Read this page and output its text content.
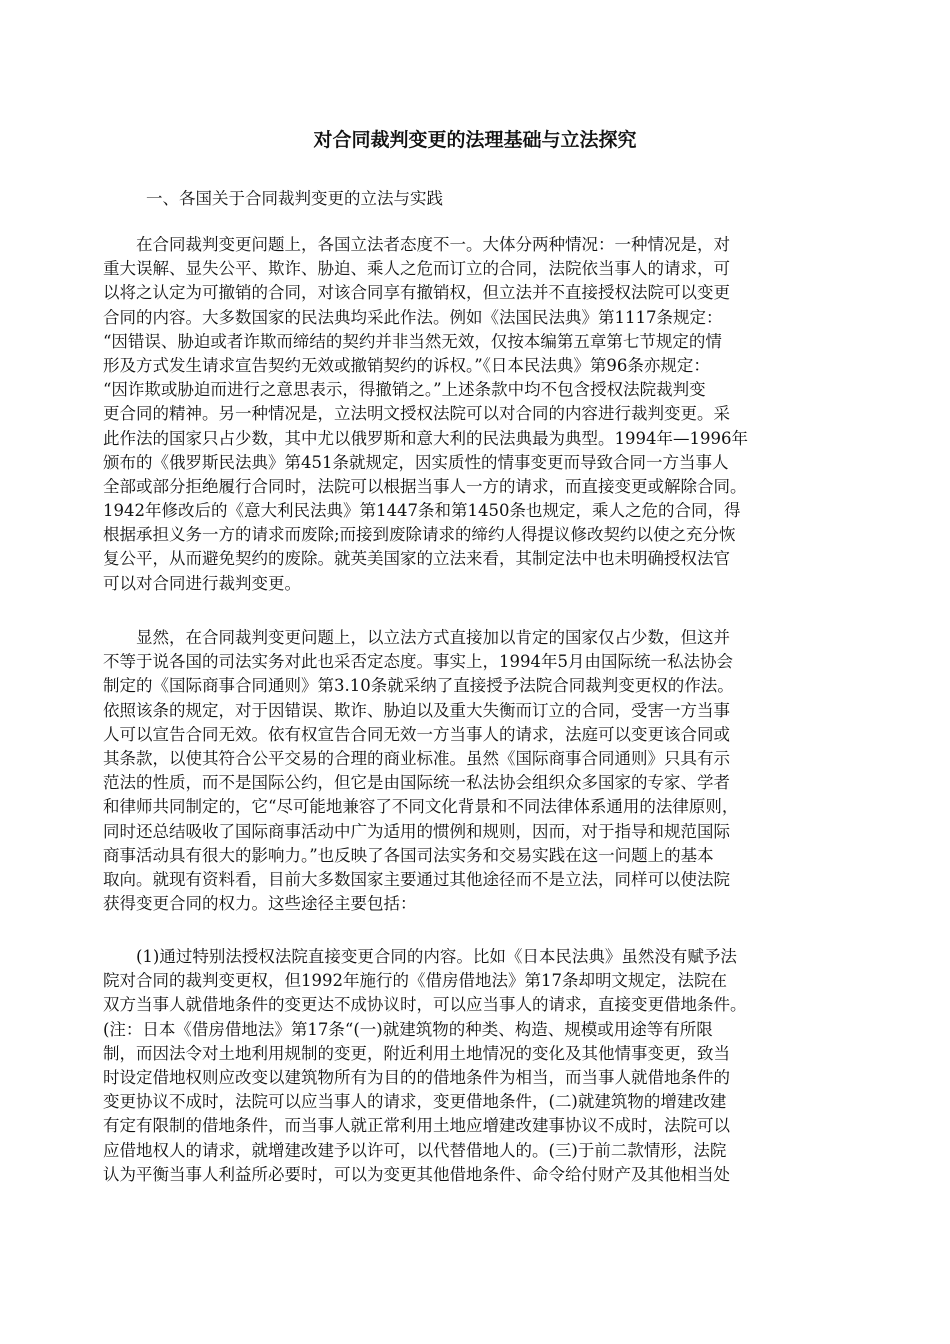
对合同裁判变更的法理基础与立法探究
一、各国关于合同裁判变更的立法与实践
　　在合同裁判变更问题上，各国立法者态度不一。大体分两种情况：一种情况是，对
重大误解、显失公平、欺诈、胁迫、乘人之危而订立的合同，法院依当事人的请求，可
以将之认定为可撤销的合同，对该合同享有撤销权，但立法并不直接授权法院可以变更
合同的内容。大多数国家的民法典均采此作法。例如《法国民法典》第1117条规定：
“因错误、胁迫或者诈欺而缔结的契约并非当然无效，仅按本编第五章第七节规定的情
形及方式发生请求宣告契约无效或撤销契约的诉权。”《日本民法典》第96条亦规定：
“因诈欺或胁迫而进行之意思表示，得撤销之。”上述条款中均不包含授权法院裁判变
更合同的精神。另一种情况是，立法明文授权法院可以对合同的内容进行裁判变更。采
此作法的国家只占少数，其中尤以俄罗斯和意大利的民法典最为典型。1994年—1996年
颁布的《俄罗斯民法典》第451条就规定，因实质性的情事变更而导致合同一方当事人
全部或部分拒绝履行合同时，法院可以根据当事人一方的请求，而直接变更或解除合同。
1942年修改后的《意大利民法典》第1447条和第1450条也规定，乘人之危的合同，得
根据承担义务一方的请求而废除;而接到废除请求的缔约人得提议修改契约以使之充分恢
复公平，从而避免契约的废除。就英美国家的立法来看，其制定法中也未明确授权法官
可以对合同进行裁判变更。
　　显然，在合同裁判变更问题上，以立法方式直接加以肯定的国家仅占少数，但这并
不等于说各国的司法实务对此也采否定态度。事实上，1994年5月由国际统一私法协会
制定的《国际商事合同通则》第3.10条就采纳了直接授予法院合同裁判变更权的作法。
依照该条的规定，对于因错误、欺诈、胁迫以及重大失衡而订立的合同，受害一方当事
人可以宣告合同无效。依有权宣告合同无效一方当事人的请求，法庭可以变更该合同或
其条款，以使其符合公平交易的合理的商业标准。虽然《国际商事合同通则》只具有示
范法的性质，而不是国际公约，但它是由国际统一私法协会组织众多国家的专家、学者
和律师共同制定的，它“尽可能地兼容了不同文化背景和不同法律体系通用的法律原则，
同时还总结吸收了国际商事活动中广为适用的惯例和规则，因而，对于指导和规范国际
商事活动具有很大的影响力。”也反映了各国司法实务和交易实践在这一问题上的基本
取向。就现有资料看，目前大多数国家主要通过其他途径而不是立法，同样可以使法院
获得变更合同的权力。这些途径主要包括：
　　(1)通过特别法授权法院直接变更合同的内容。比如《日本民法典》虽然没有赋予法
院对合同的裁判变更权，但1992年施行的《借房借地法》第17条却明文规定，法院在
双方当事人就借地条件的变更达不成协议时，可以应当事人的请求，直接变更借地条件。
(注：日本《借房借地法》第17条“(一)就建筑物的种类、构造、规模或用途等有所限
制，而因法令对土地利用规制的变更，附近利用土地情况的变化及其他情事变更，致当
时设定借地权则应改变以建筑物所有为目的的借地条件为相当，而当事人就借地条件的
变更协议不成时，法院可以应当事人的请求，变更借地条件，(二)就建筑物的增建改建
有定有限制的借地条件，而当事人就正常利用土地应增建改建事协议不成时，法院可以
应借地权人的请求，就增建改建予以许可，以代替借地人的。(三)于前二款情形，法院
认为平衡当事人利益所必要时，可以为变更其他借地条件、命令给付财产及其他相当处
